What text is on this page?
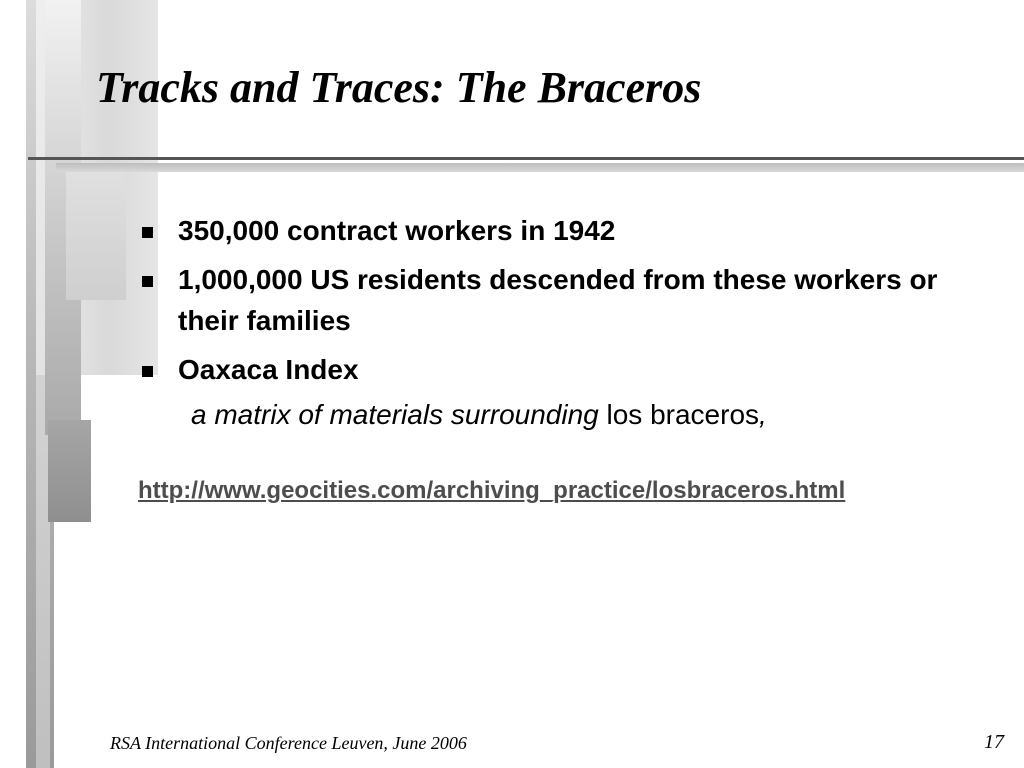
Tracks and Traces: The Braceros
350,000 contract workers in 1942
1,000,000 US residents descended from these workers or their families
Oaxaca Index
a matrix of materials surrounding los braceros,
http://www.geocities.com/archiving_practice/losbraceros.html
RSA International Conference Leuven, June 2006	17
